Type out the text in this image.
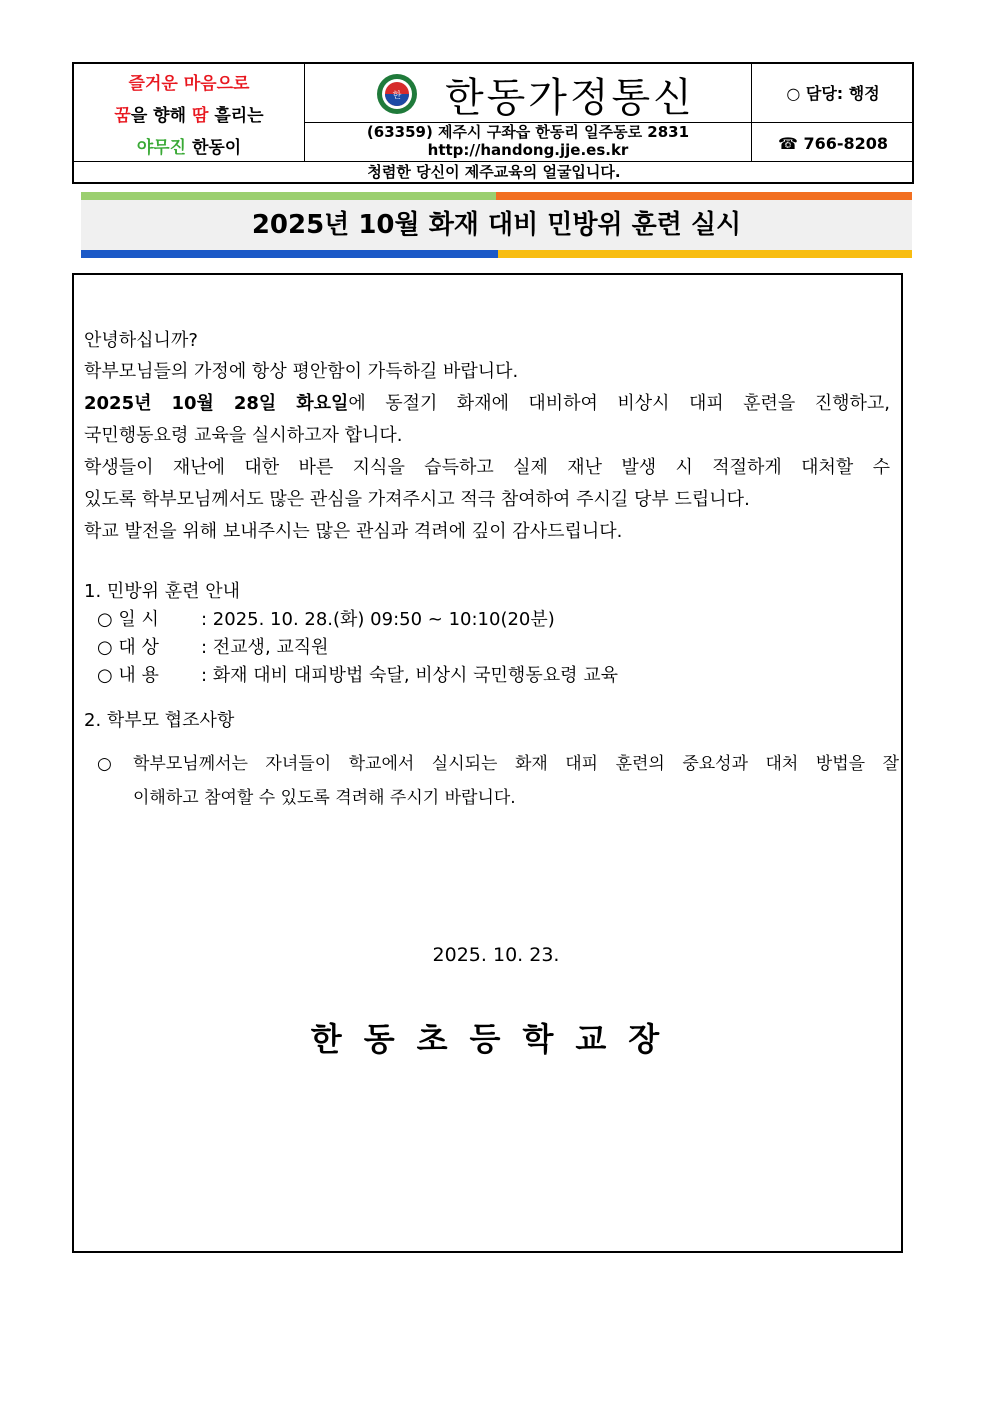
즐거운 마음으로
꿈을 향해 땀 흘리는
야무진 한동이
한 한동가정통신
(63359) 제주시 구좌읍 한동리 일주동로 2831
http://handong.jje.es.kr
○ 담당: 행정
☎ 766-8208
청렴한 당신이 제주교육의 얼굴입니다.
2025년 10월 화재 대비 민방위 훈련 실시
안녕하십니까?
학부모님들의 가정에 항상 평안함이 가득하길 바랍니다.
2025년 10월 28일 화요일에 동절기 화재에 대비하여 비상시 대피 훈련을 진행하고,
국민행동요령 교육을 실시하고자 합니다.
학생들이 재난에 대한 바른 지식을 습득하고 실제 재난 발생 시 적절하게 대처할 수
있도록 학부모님께서도 많은 관심을 가져주시고 적극 참여하여 주시길 당부 드립니다.
학교 발전을 위해 보내주시는 많은 관심과 격려에 깊이 감사드립니다.
1. 민방위 훈련 안내
○ 일 시 : 2025. 10. 28.(화) 09:50 ~ 10:10(20분)
○ 대 상 : 전교생, 교직원
○ 내 용 : 화재 대비 대피방법 숙달, 비상시 국민행동요령 교육
2. 학부모 협조사항
○ 학부모님께서는 자녀들이 학교에서 실시되는 화재 대피 훈련의 중요성과 대처 방법을 잘
이해하고 참여할 수 있도록 격려해 주시기 바랍니다.
2025. 10. 23.
한동초등학교장
